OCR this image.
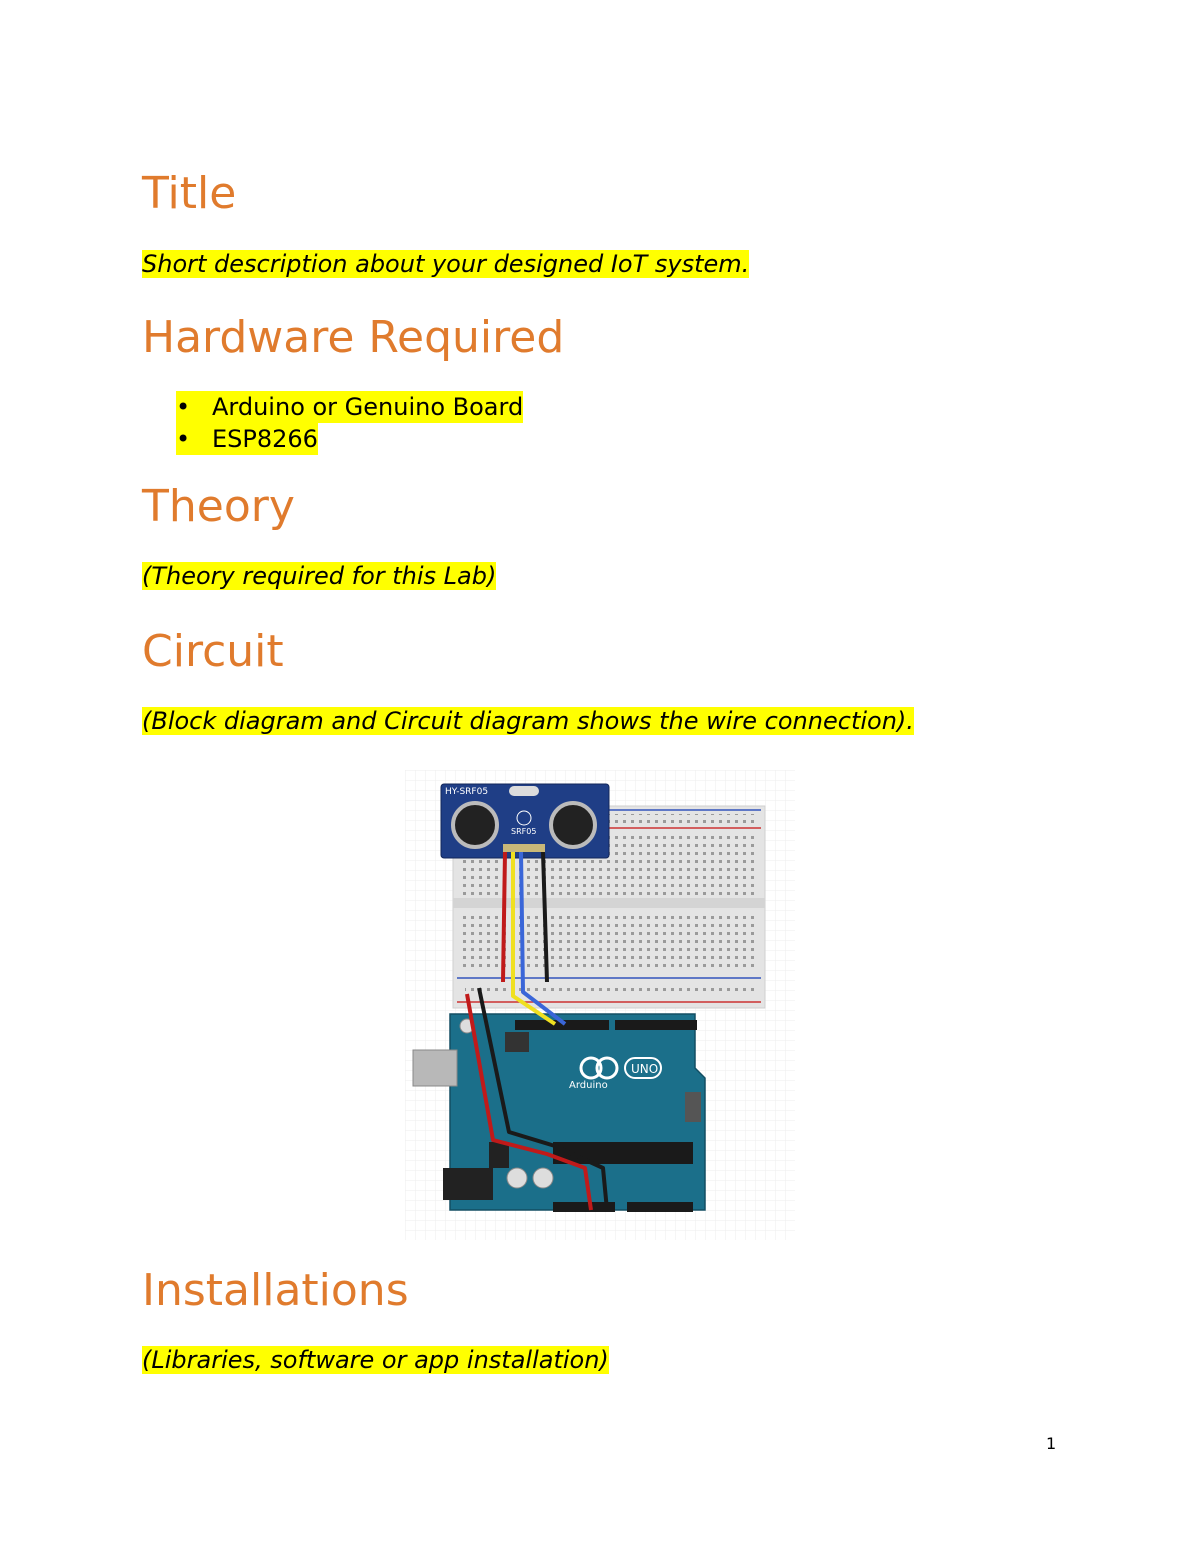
Title

Short description about your designed IoT system.

Hardware Required
• Arduino or Genuino Board
• ESP8266
Theory

(Theory required for this Lab)

Circuit

(Block diagram and Circuit diagram shows the wire connection).

HY-SRF05
SRF05
UNO
Arduino
Installations

(Libraries, software or app installation)

1
